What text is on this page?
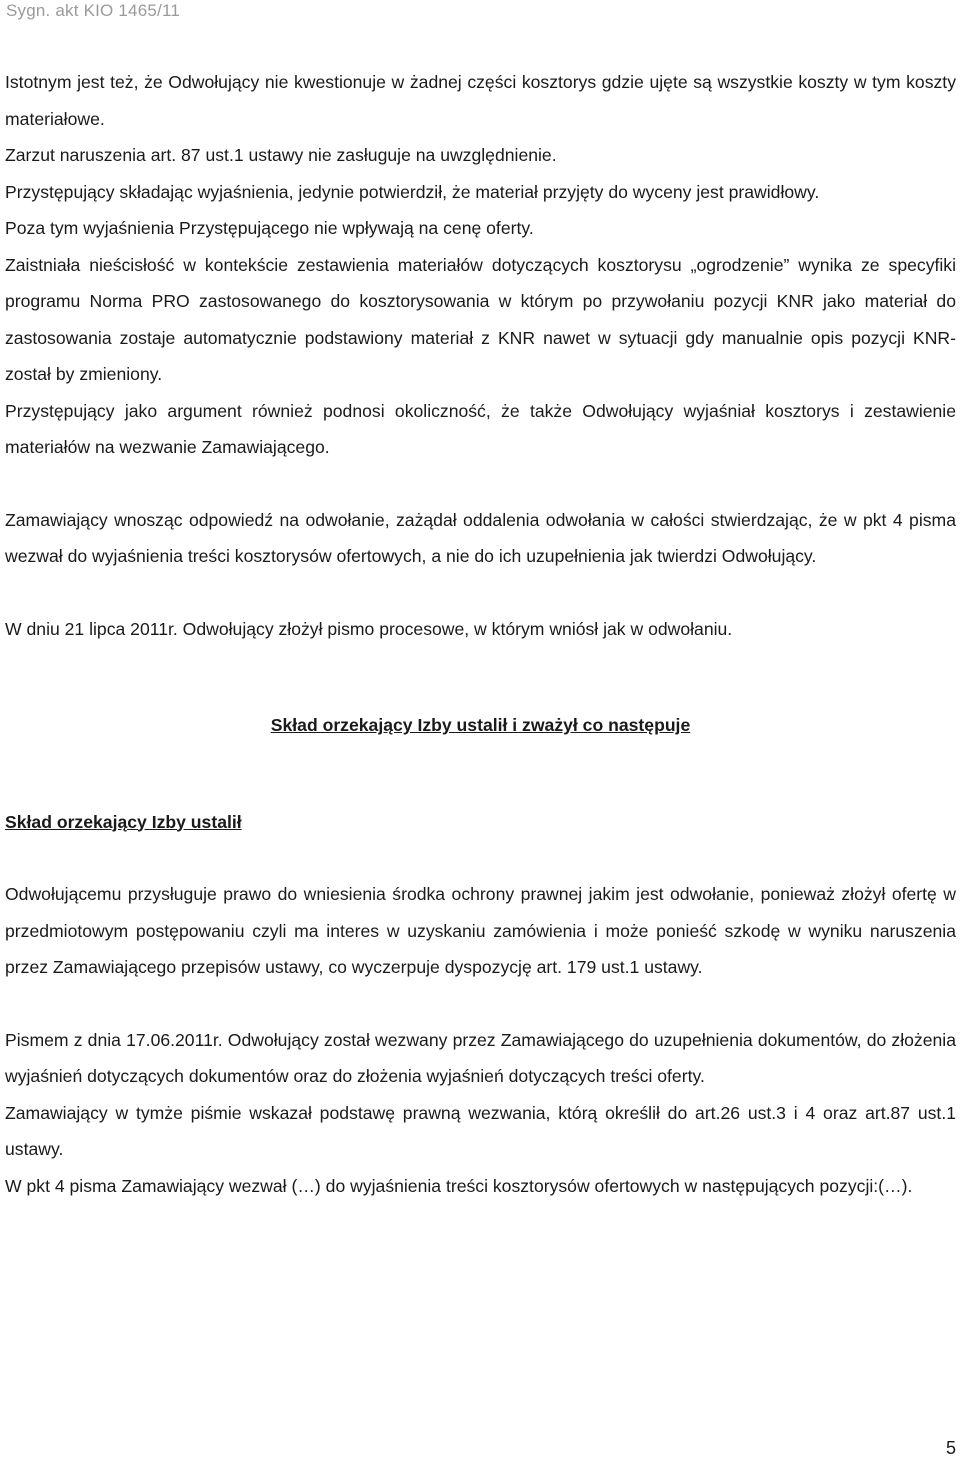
Sygn. akt KIO 1465/11

Istotnym jest też, że Odwołujący nie kwestionuje w żadnej części kosztorys gdzie ujęte są wszystkie koszty w tym koszty materiałowe.

Zarzut naruszenia art. 87 ust.1 ustawy nie zasługuje na uwzględnienie.

Przystępujący składając wyjaśnienia, jedynie potwierdził, że materiał przyjęty do wyceny jest prawidłowy.

Poza tym wyjaśnienia Przystępującego nie wpływają na cenę oferty.

Zaistniała nieścisłość w kontekście zestawienia materiałów dotyczących kosztorysu „ogrodzenie” wynika ze specyfiki programu Norma PRO zastosowanego do kosztorysowania w którym po przywołaniu pozycji KNR jako materiał do zastosowania zostaje automatycznie podstawiony materiał z KNR nawet w sytuacji gdy manualnie opis pozycji KNR- został by zmieniony.

Przystępujący jako argument również podnosi okoliczność, że także Odwołujący wyjaśniał kosztorys i zestawienie materiałów na wezwanie Zamawiającego.

Zamawiający wnosząc odpowiedź na odwołanie, zażądał oddalenia odwołania w całości stwierdzając, że w pkt 4 pisma wezwał do wyjaśnienia treści kosztorysów ofertowych, a nie do ich uzupełnienia jak twierdzi Odwołujący.

W dniu 21 lipca 2011r. Odwołujący złożył pismo procesowe, w którym wniósł jak w odwołaniu.

Skład orzekający Izby ustalił i zważył co następuje

Skład orzekający Izby ustalił

Odwołującemu przysługuje prawo do wniesienia środka ochrony prawnej jakim jest odwołanie, ponieważ złożył ofertę w przedmiotowym postępowaniu czyli ma interes w uzyskaniu zamówienia i może ponieść szkodę w wyniku naruszenia przez Zamawiającego przepisów ustawy, co wyczerpuje dyspozycję art. 179 ust.1 ustawy.

Pismem z dnia 17.06.2011r. Odwołujący został wezwany przez Zamawiającego do uzupełnienia dokumentów, do złożenia wyjaśnień dotyczących dokumentów oraz do złożenia wyjaśnień dotyczących treści oferty.

Zamawiający w tymże piśmie wskazał podstawę prawną wezwania, którą określił do art.26 ust.3 i 4 oraz art.87 ust.1 ustawy.

W pkt 4 pisma Zamawiający wezwał (…) do wyjaśnienia treści kosztorysów ofertowych w następujących pozycji:(…).

5
